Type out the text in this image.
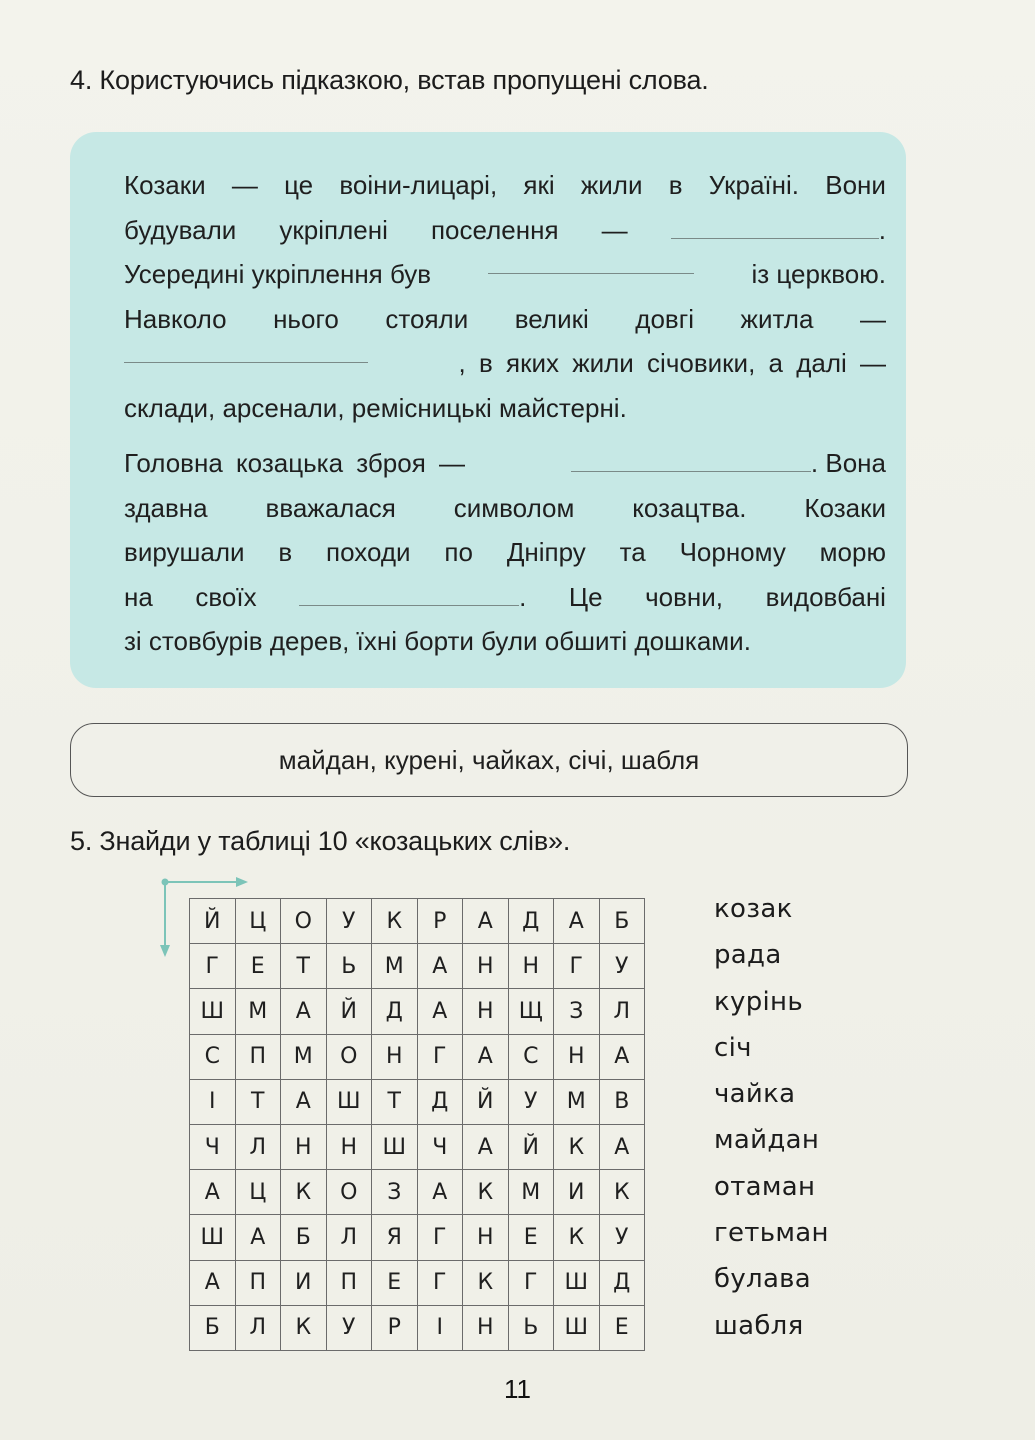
4. Користуючись підказкою, встав пропущені слова.
Козаки — це воіни-лицарі, які жили в Україні. Вони
будували укріплені поселення —	.
Усередині укріплення був	із церквою.
Навколо нього стояли великі довгі житла —
, в яких жили січовики, а далі —
склади, арсенали, ремісницькі майстерні.
Головна козацька зброя —	. Вона
здавна вважалася символом козацтва. Козаки
вирушали в походи по Дніпру та Чорному морю
на своїх	. Це човни, видовбані
зі стовбурів дерев, їхні борти були обшиті дошками.
майдан, курені, чайках, січі, шабля
5. Знайди у таблиці 10 «козацьких слів».
Й	Ц	О	У	К	Р	А	Д	А	Б
Г	Е	Т	Ь	М	А	Н	Н	Г	У
Ш	М	А	Й	Д	А	Н	Щ	З	Л
С	П	М	О	Н	Г	А	С	Н	А
І	Т	А	Ш	Т	Д	Й	У	М	В
Ч	Л	Н	Н	Ш	Ч	А	Й	К	А
А	Ц	К	О	З	А	К	М	И	К
Ш	А	Б	Л	Я	Г	Н	Е	К	У
А	П	И	П	Е	Г	К	Г	Ш	Д
Б	Л	К	У	Р	І	Н	Ь	Ш	Е
козак
рада
курінь
січ
чайка
майдан
отаман
гетьман
булава
шабля
11
